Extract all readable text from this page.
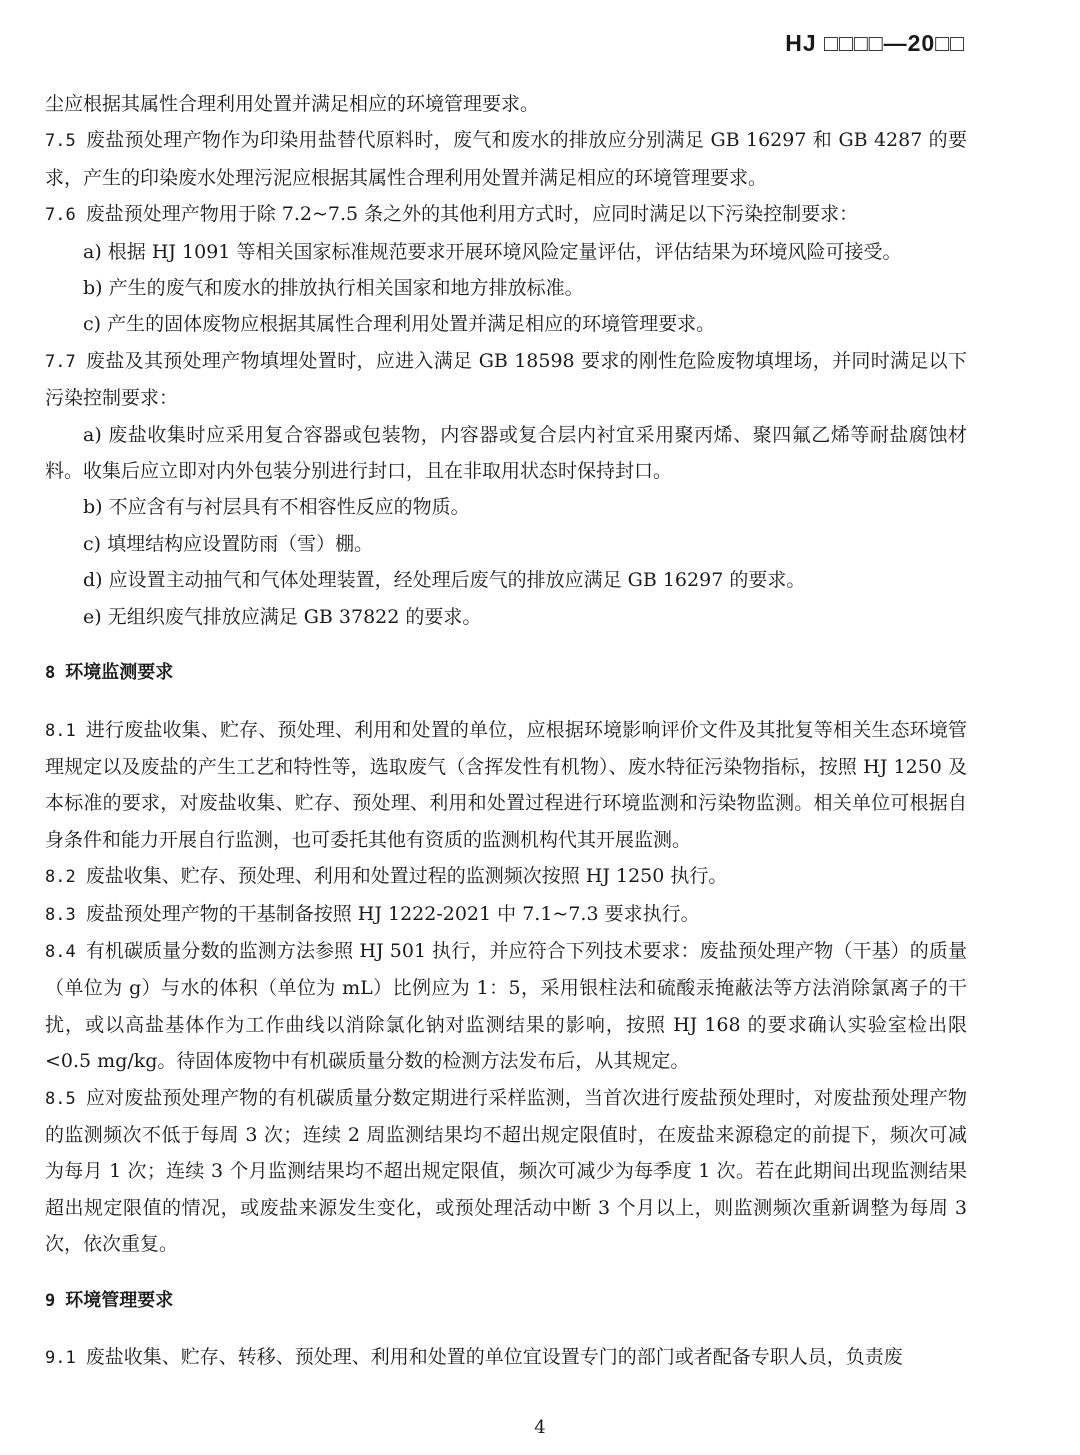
HJ □□□□—20□□

尘应根据其属性合理利用处置并满足相应的环境管理要求。

7.5 废盐预处理产物作为印染用盐替代原料时，废气和废水的排放应分别满足 GB 16297 和 GB 4287 的要求，产生的印染废水处理污泥应根据其属性合理利用处置并满足相应的环境管理要求。

7.6 废盐预处理产物用于除 7.2~7.5 条之外的其他利用方式时，应同时满足以下污染控制要求：

a) 根据 HJ 1091 等相关国家标准规范要求开展环境风险定量评估，评估结果为环境风险可接受。

b) 产生的废气和废水的排放执行相关国家和地方排放标准。

c) 产生的固体废物应根据其属性合理利用处置并满足相应的环境管理要求。

7.7 废盐及其预处理产物填埋处置时，应进入满足 GB 18598 要求的刚性危险废物填埋场，并同时满足以下污染控制要求：

a) 废盐收集时应采用复合容器或包装物，内容器或复合层内衬宜采用聚丙烯、聚四氟乙烯等耐盐腐蚀材料。收集后应立即对内外包装分别进行封口，且在非取用状态时保持封口。

b) 不应含有与衬层具有不相容性反应的物质。

c) 填埋结构应设置防雨（雪）棚。

d) 应设置主动抽气和气体处理装置，经处理后废气的排放应满足 GB 16297 的要求。

e) 无组织废气排放应满足 GB 37822 的要求。

8 环境监测要求

8.1 进行废盐收集、贮存、预处理、利用和处置的单位，应根据环境影响评价文件及其批复等相关生态环境管理规定以及废盐的产生工艺和特性等，选取废气（含挥发性有机物）、废水特征污染物指标，按照 HJ 1250 及本标准的要求，对废盐收集、贮存、预处理、利用和处置过程进行环境监测和污染物监测。相关单位可根据自身条件和能力开展自行监测，也可委托其他有资质的监测机构代其开展监测。

8.2 废盐收集、贮存、预处理、利用和处置过程的监测频次按照 HJ 1250 执行。

8.3 废盐预处理产物的干基制备按照 HJ 1222-2021 中 7.1~7.3 要求执行。

8.4 有机碳质量分数的监测方法参照 HJ 501 执行，并应符合下列技术要求：废盐预处理产物（干基）的质量（单位为 g）与水的体积（单位为 mL）比例应为 1：5，采用银柱法和硫酸汞掩蔽法等方法消除氯离子的干扰，或以高盐基体作为工作曲线以消除氯化钠对监测结果的影响，按照 HJ 168 的要求确认实验室检出限<0.5 mg/kg。待固体废物中有机碳质量分数的检测方法发布后，从其规定。

8.5 应对废盐预处理产物的有机碳质量分数定期进行采样监测，当首次进行废盐预处理时，对废盐预处理产物的监测频次不低于每周 3 次；连续 2 周监测结果均不超出规定限值时，在废盐来源稳定的前提下，频次可减为每月 1 次；连续 3 个月监测结果均不超出规定限值，频次可减少为每季度 1 次。若在此期间出现监测结果超出规定限值的情况，或废盐来源发生变化，或预处理活动中断 3 个月以上，则监测频次重新调整为每周 3 次，依次重复。

9 环境管理要求

9.1 废盐收集、贮存、转移、预处理、利用和处置的单位宜设置专门的部门或者配备专职人员，负责废

4
